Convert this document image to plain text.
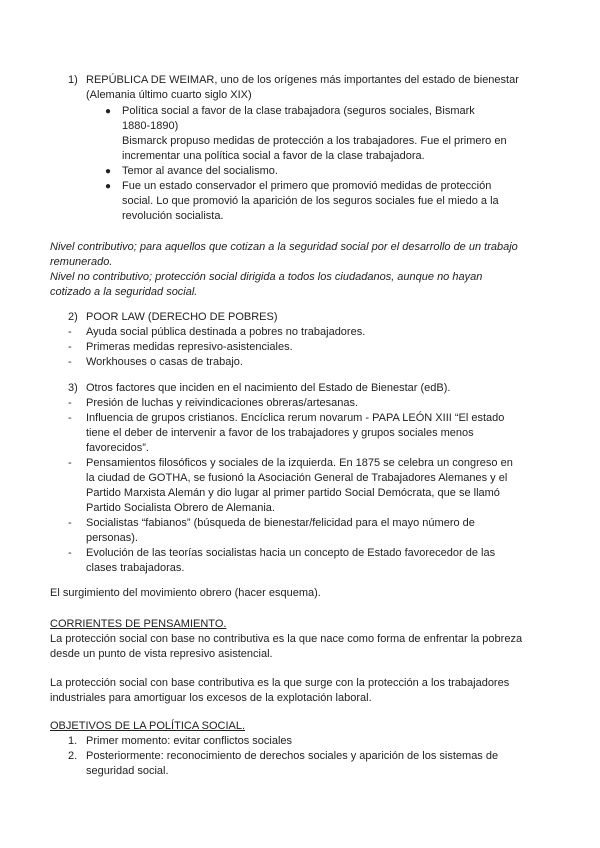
1) REPÚBLICA DE WEIMAR, uno de los orígenes más importantes del estado de bienestar
(Alemania último cuarto siglo XIX)
● Política social a favor de la clase trabajadora (seguros sociales, Bismark
1880-1890)
Bismarck propuso medidas de protección a los trabajadores. Fue el primero en
incrementar una política social a favor de la clase trabajadora.
● Temor al avance del socialismo.
● Fue un estado conservador el primero que promovió medidas de protección
social. Lo que promovió la aparición de los seguros sociales fue el miedo a la
revolución socialista.
Nivel contributivo; para aquellos que cotizan a la seguridad social por el desarrollo de un trabajo
remunerado.
Nivel no contributivo; protección social dirigida a todos los ciudadanos, aunque no hayan
cotizado a la seguridad social.
2) POOR LAW (DERECHO DE POBRES)
- Ayuda social pública destinada a pobres no trabajadores.
- Primeras medidas represivo-asistenciales.
- Workhouses o casas de trabajo.
3) Otros factores que inciden en el nacimiento del Estado de Bienestar (edB).
- Presión de luchas y reivindicaciones obreras/artesanas.
- Influencia de grupos cristianos. Encíclica rerum novarum - PAPA LEÓN XIII “El estado
tiene el deber de intervenir a favor de los trabajadores y grupos sociales menos
favorecidos”.
- Pensamientos filosóficos y sociales de la izquierda. En 1875 se celebra un congreso en
la ciudad de GOTHA, se fusionó la Asociación General de Trabajadores Alemanes y el
Partido Marxista Alemán y dio lugar al primer partido Social Demócrata, que se llamó
Partido Socialista Obrero de Alemania.
- Socialistas “fabianos” (búsqueda de bienestar/felicidad para el mayo número de
personas).
- Evolución de las teorías socialistas hacia un concepto de Estado favorecedor de las
clases trabajadoras.
El surgimiento del movimiento obrero (hacer esquema).
CORRIENTES DE PENSAMIENTO.
La protección social con base no contributiva es la que nace como forma de enfrentar la pobreza
desde un punto de vista represivo asistencial.
La protección social con base contributiva es la que surge con la protección a los trabajadores
industriales para amortiguar los excesos de la explotación laboral.
OBJETIVOS DE LA POLÍTICA SOCIAL.
1. Primer momento: evitar conflictos sociales
2. Posteriormente: reconocimiento de derechos sociales y aparición de los sistemas de
seguridad social.
